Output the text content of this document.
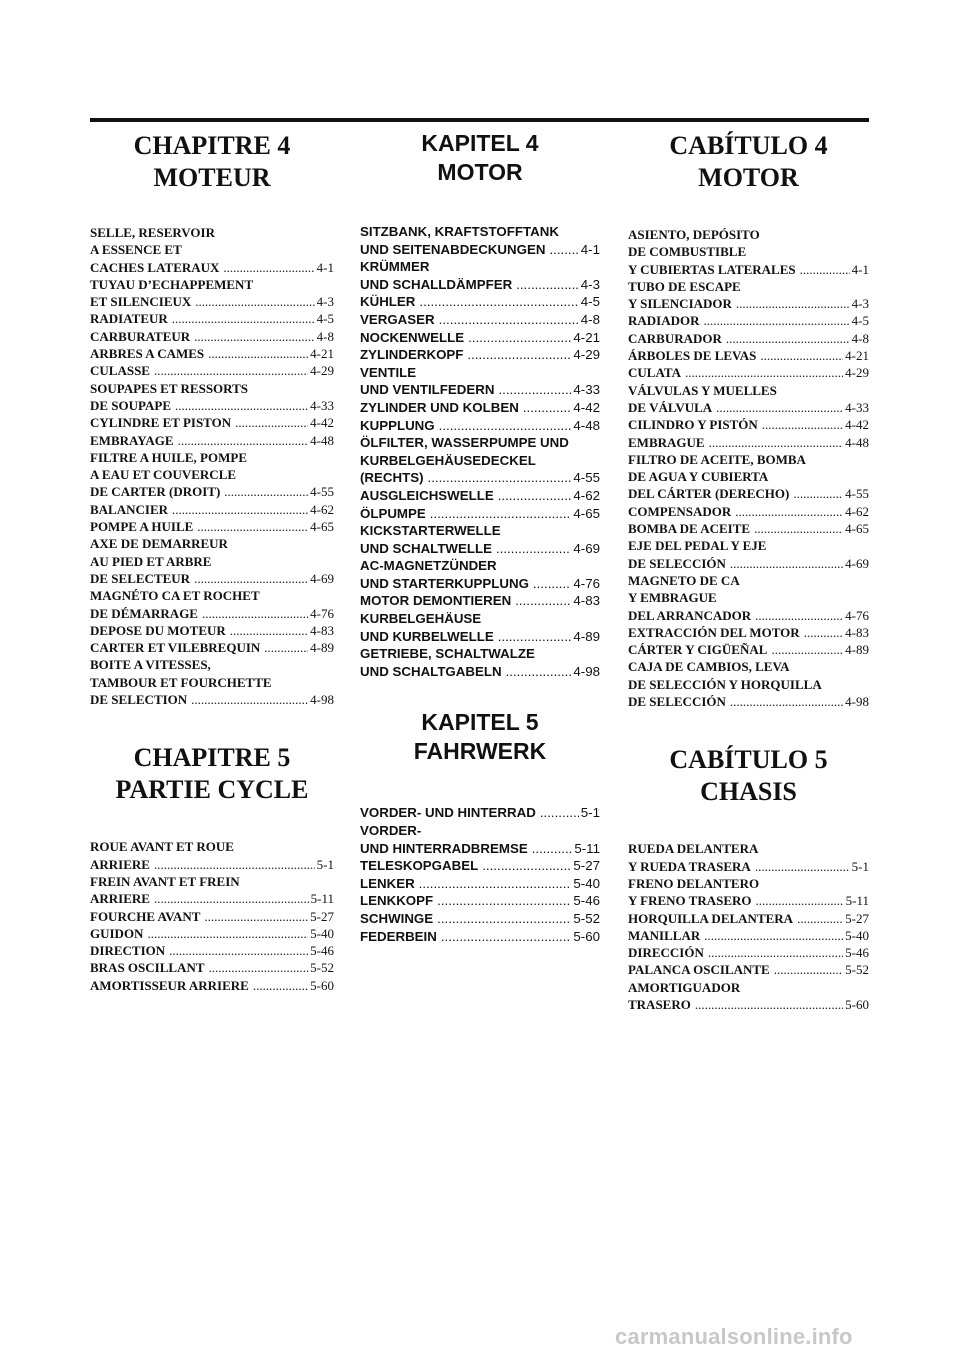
CHAPITRE 4
MOTEUR
SELLE, RESERVOIR
A ESSENCE ET
CACHES LATERAUX .....	4-1
TUYAU D’ECHAPPEMENT
ET SILENCIEUX .....	4-3
RADIATEUR .....	4-5
CARBURATEUR .....	4-8
ARBRES A CAMES .....	4-21
CULASSE .....	4-29
SOUPAPES ET RESSORTS
DE SOUPAPE .....	4-33
CYLINDRE ET PISTON .....	4-42
EMBRAYAGE .....	4-48
FILTRE A HUILE, POMPE
A EAU ET COUVERCLE
DE CARTER (DROIT) .....	4-55
BALANCIER .....	4-62
POMPE A HUILE .....	4-65
AXE DE DEMARREUR
AU PIED ET ARBRE
DE SELECTEUR .....	4-69
MAGNÉTO CA ET ROCHET
DE DÉMARRAGE .....	4-76
DEPOSE DU MOTEUR .....	4-83
CARTER ET VILEBREQUIN .....	4-89
BOITE A VITESSES,
TAMBOUR ET FOURCHETTE
DE SELECTION .....	4-98
CHAPITRE 5
PARTIE CYCLE
ROUE AVANT ET ROUE
ARRIERE .....	5-1
FREIN AVANT ET FREIN
ARRIERE .....	5-11
FOURCHE AVANT .....	5-27
GUIDON .....	5-40
DIRECTION .....	5-46
BRAS OSCILLANT .....	5-52
AMORTISSEUR ARRIERE .....	5-60
KAPITEL 4
MOTOR
SITZBANK, KRAFTSTOFFTANK
UND SEITENABDECKUNGEN .....	4-1
KRÜMMER
UND SCHALLDÄMPFER .....	4-3
KÜHLER .....	4-5
VERGASER .....	4-8
NOCKENWELLE .....	4-21
ZYLINDERKOPF .....	4-29
VENTILE
UND VENTILFEDERN .....	4-33
ZYLINDER UND KOLBEN .....	4-42
KUPPLUNG .....	4-48
ÖLFILTER, WASSERPUMPE UND
KURBELGEHÄUSEDECKEL
(RECHTS) .....	4-55
AUSGLEICHSWELLE .....	4-62
ÖLPUMPE .....	4-65
KICKSTARTERWELLE
UND SCHALTWELLE .....	4-69
AC-MAGNETZÜNDER
UND STARTERKUPPLUNG .....	4-76
MOTOR DEMONTIEREN .....	4-83
KURBELGEHÄUSE
UND KURBELWELLE .....	4-89
GETRIEBE, SCHALTWALZE
UND SCHALTGABELN .....	4-98
KAPITEL 5
FAHRWERK
VORDER- UND HINTERRAD .....	5-1
VORDER-
UND HINTERRADBREMSE .....	5-11
TELESKOPGABEL .....	5-27
LENKER .....	5-40
LENKKOPF .....	5-46
SCHWINGE .....	5-52
FEDERBEIN .....	5-60
CABÍTULO 4
MOTOR
ASIENTO, DEPÓSITO
DE COMBUSTIBLE
Y CUBIERTAS LATERALES .....	4-1
TUBO DE ESCAPE
Y SILENCIADOR .....	4-3
RADIADOR .....	4-5
CARBURADOR .....	4-8
ÁRBOLES DE LEVAS .....	4-21
CULATA .....	4-29
VÁLVULAS Y MUELLES
DE VÁLVULA .....	4-33
CILINDRO Y PISTÓN .....	4-42
EMBRAGUE .....	4-48
FILTRO DE ACEITE, BOMBA
DE AGUA Y CUBIERTA
DEL CÁRTER (DERECHO) .....	4-55
COMPENSADOR .....	4-62
BOMBA DE ACEITE .....	4-65
EJE DEL PEDAL Y EJE
DE SELECCIÓN .....	4-69
MAGNETO DE CA
Y EMBRAGUE
DEL ARRANCADOR .....	4-76
EXTRACCIÓN DEL MOTOR .....	4-83
CÁRTER Y CIGÜEÑAL .....	4-89
CAJA DE CAMBIOS, LEVA
DE SELECCIÓN Y HORQUILLA
DE SELECCIÓN .....	4-98
CABÍTULO 5
CHASIS
RUEDA DELANTERA
Y RUEDA TRASERA .....	5-1
FRENO DELANTERO
Y FRENO TRASERO .....	5-11
HORQUILLA DELANTERA .....	5-27
MANILLAR .....	5-40
DIRECCIÓN .....	5-46
PALANCA OSCILANTE .....	5-52
AMORTIGUADOR
TRASERO .....	5-60
carmanualsonline.info
